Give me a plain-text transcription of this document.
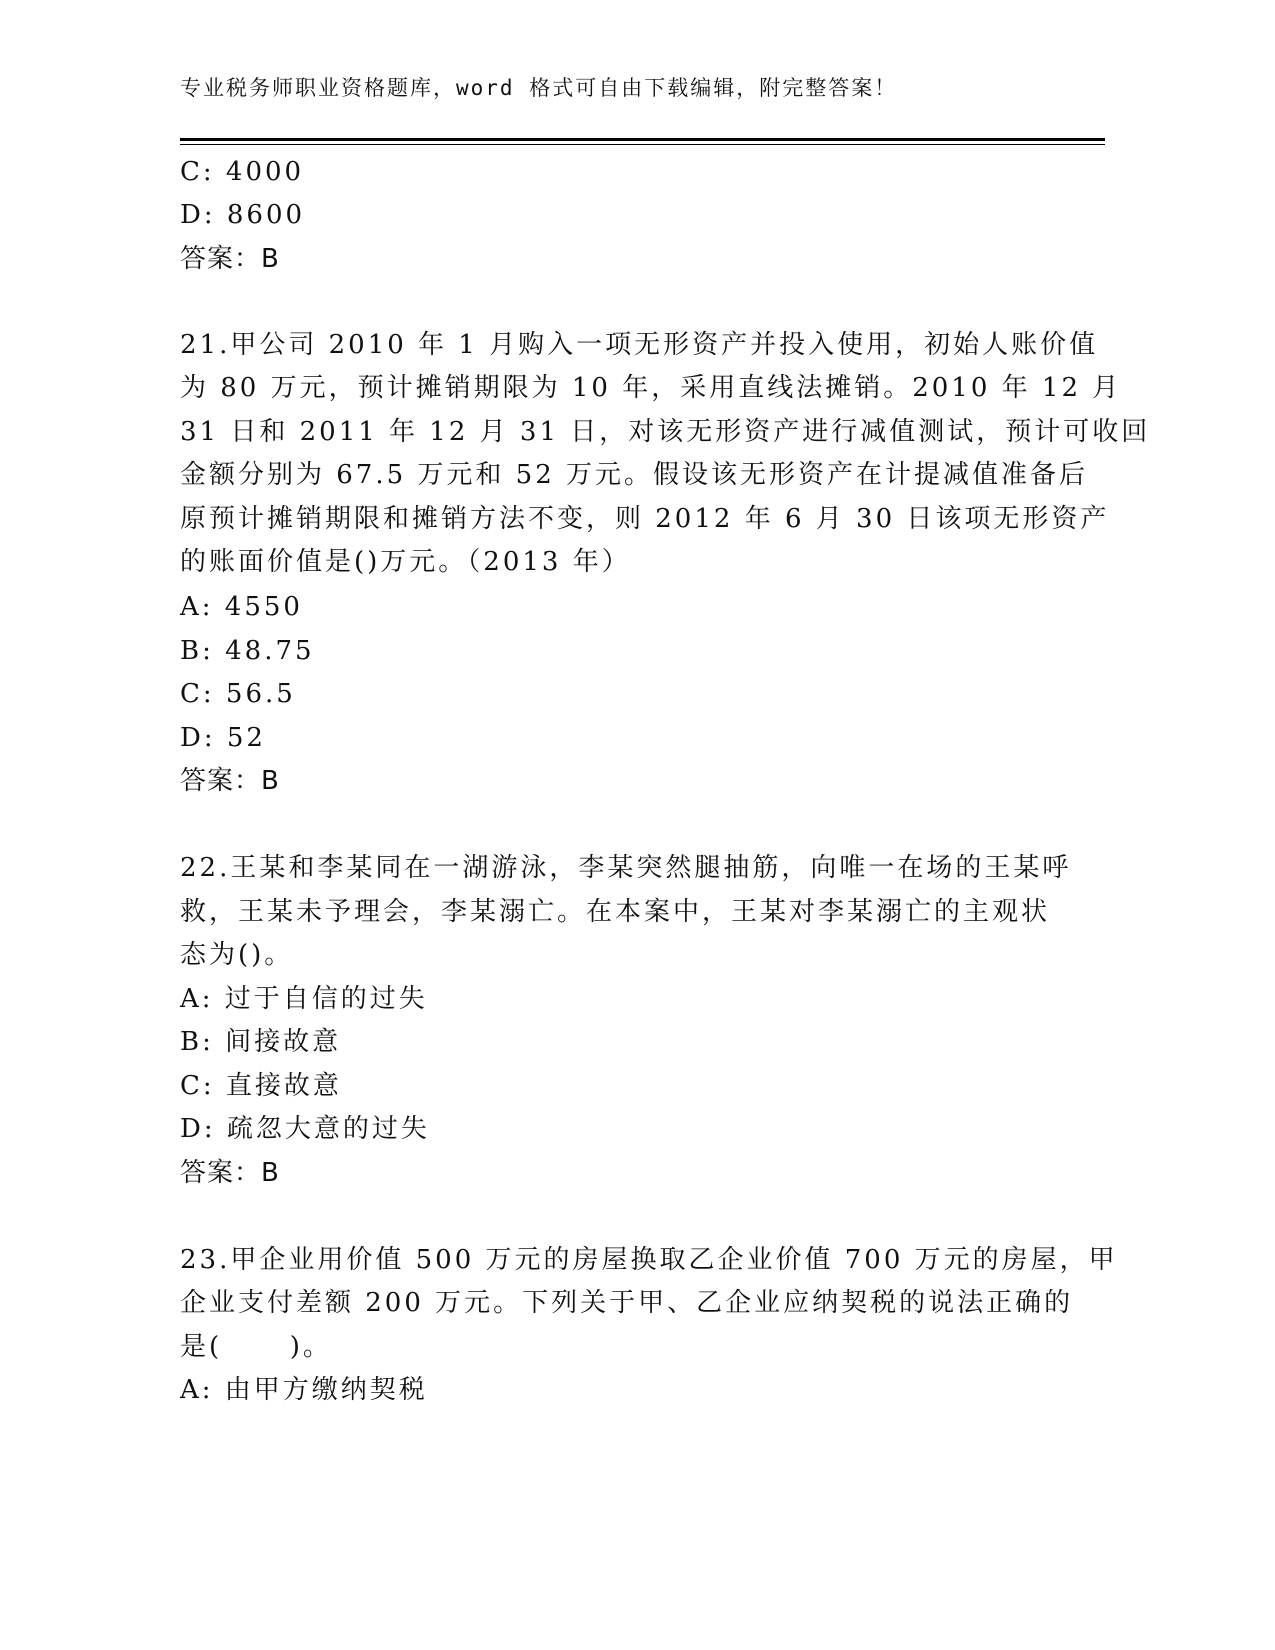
专业税务师职业资格题库，word 格式可自由下载编辑，附完整答案！
C: 4000
D: 8600
答案：B
21.甲公司 2010 年 1 月购入一项无形资产并投入使用，初始人账价值
为 80 万元，预计摊销期限为 10 年，采用直线法摊销。2010 年 12 月
31 日和 2011 年 12 月 31 日，对该无形资产进行减值测试，预计可收回
金额分别为 67.5 万元和 52 万元。假设该无形资产在计提减值准备后
原预计摊销期限和摊销方法不变，则 2012 年 6 月 30 日该项无形资产
的账面价值是()万元。（2013 年）
A: 4550
B: 48.75
C: 56.5
D: 52
答案：B
22.王某和李某同在一湖游泳，李某突然腿抽筋，向唯一在场的王某呼
救，王某未予理会，李某溺亡。在本案中，王某对李某溺亡的主观状
态为()。
A: 过于自信的过失
B: 间接故意
C: 直接故意
D: 疏忽大意的过失
答案：B
23.甲企业用价值 500 万元的房屋换取乙企业价值 700 万元的房屋，甲
企业支付差额 200 万元。下列关于甲、乙企业应纳契税的说法正确的
是(      )。
A: 由甲方缴纳契税
